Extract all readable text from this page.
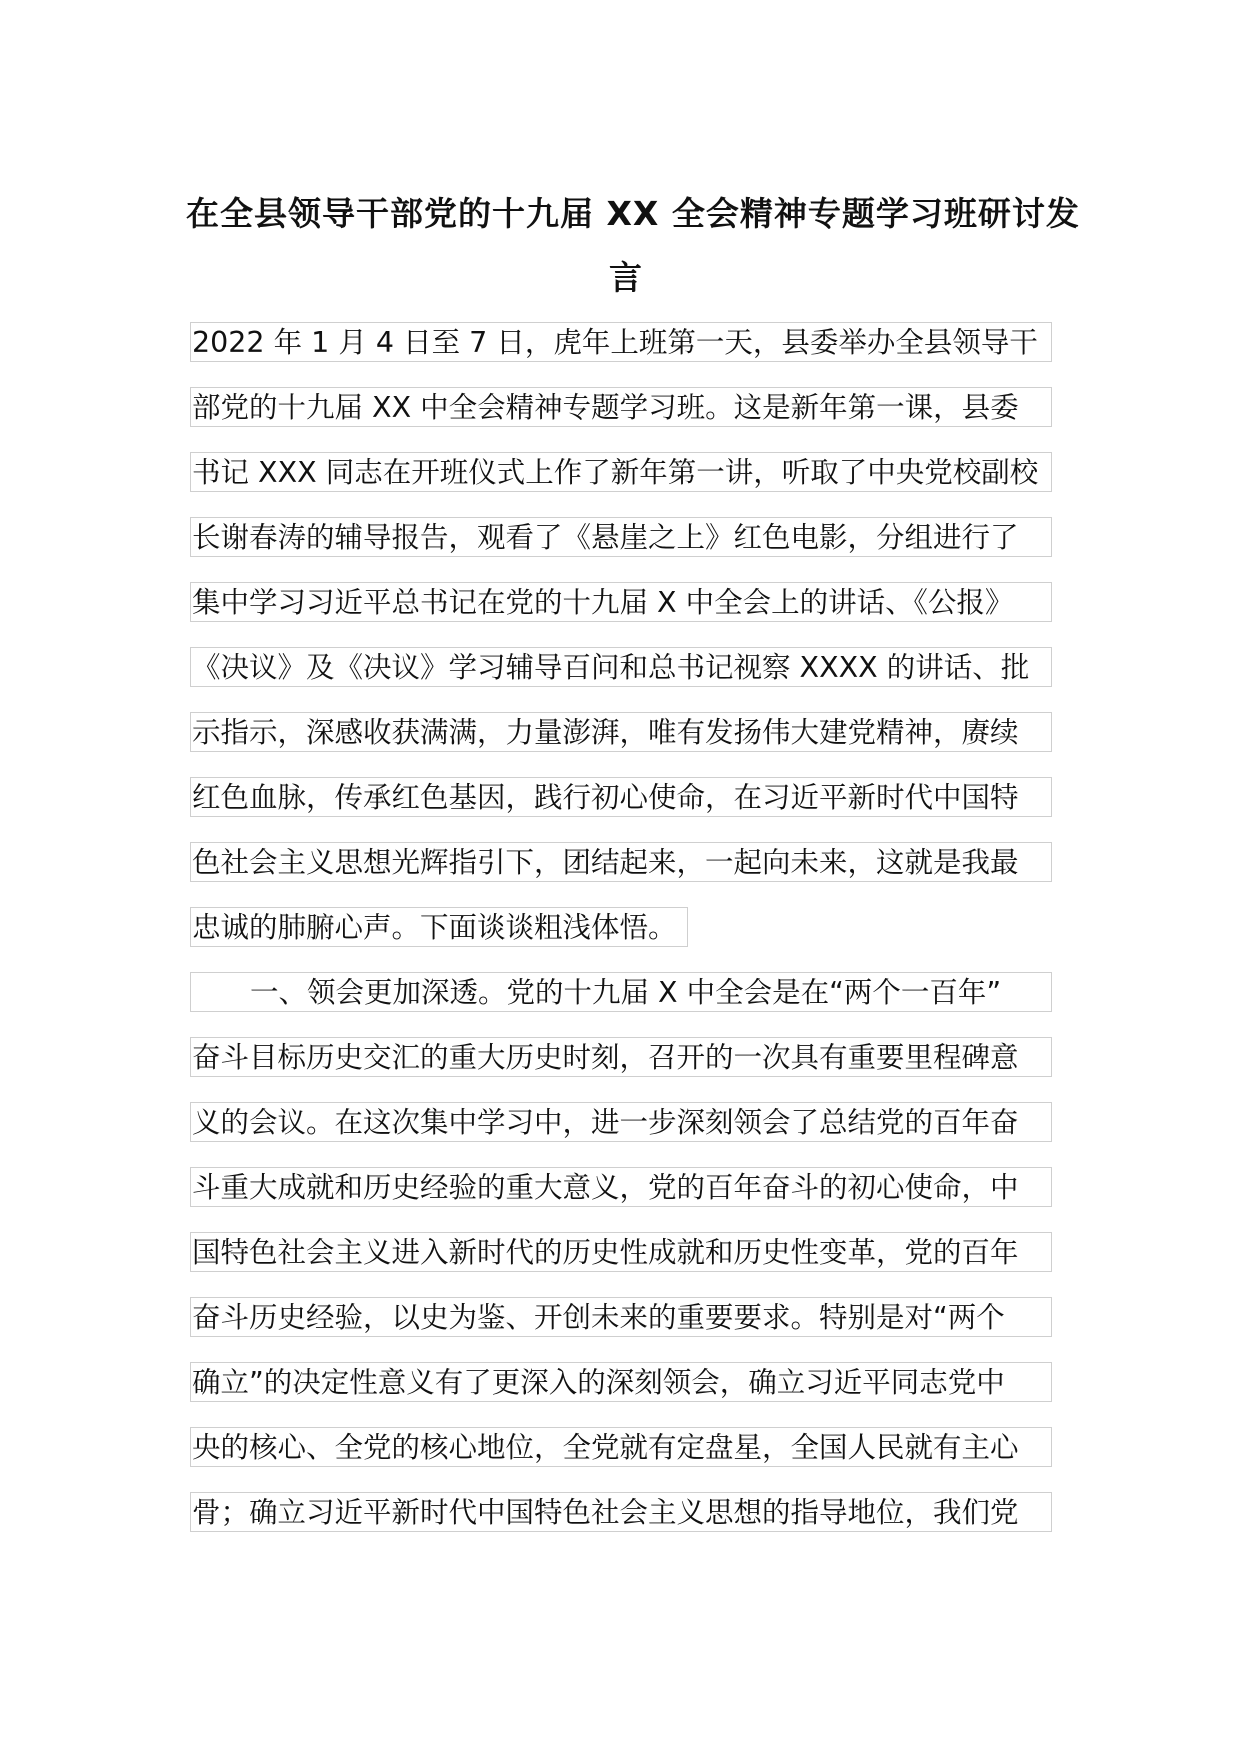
在全县领导干部党的十九届 XX 全会精神专题学习班研讨发
言
2022 年 1 月 4 日至 7 日，虎年上班第一天，县委举办全县领导干
部党的十九届 XX 中全会精神专题学习班。这是新年第一课，县委
书记 XXX 同志在开班仪式上作了新年第一讲，听取了中央党校副校
长谢春涛的辅导报告，观看了《悬崖之上》红色电影，分组进行了
集中学习习近平总书记在党的十九届 X 中全会上的讲话、《公报》
《决议》及《决议》学习辅导百问和总书记视察 XXXX 的讲话、批
示指示，深感收获满满，力量澎湃，唯有发扬伟大建党精神，赓续
红色血脉，传承红色基因，践行初心使命，在习近平新时代中国特
色社会主义思想光辉指引下，团结起来，一起向未来，这就是我最
忠诚的肺腑心声。下面谈谈粗浅体悟。
一、领会更加深透。党的十九届 X 中全会是在“两个一百年”
奋斗目标历史交汇的重大历史时刻，召开的一次具有重要里程碑意
义的会议。在这次集中学习中，进一步深刻领会了总结党的百年奋
斗重大成就和历史经验的重大意义，党的百年奋斗的初心使命，中
国特色社会主义进入新时代的历史性成就和历史性变革，党的百年
奋斗历史经验，以史为鉴、开创未来的重要要求。特别是对“两个
确立”的决定性意义有了更深入的深刻领会，确立习近平同志党中
央的核心、全党的核心地位，全党就有定盘星，全国人民就有主心
骨；确立习近平新时代中国特色社会主义思想的指导地位，我们党
